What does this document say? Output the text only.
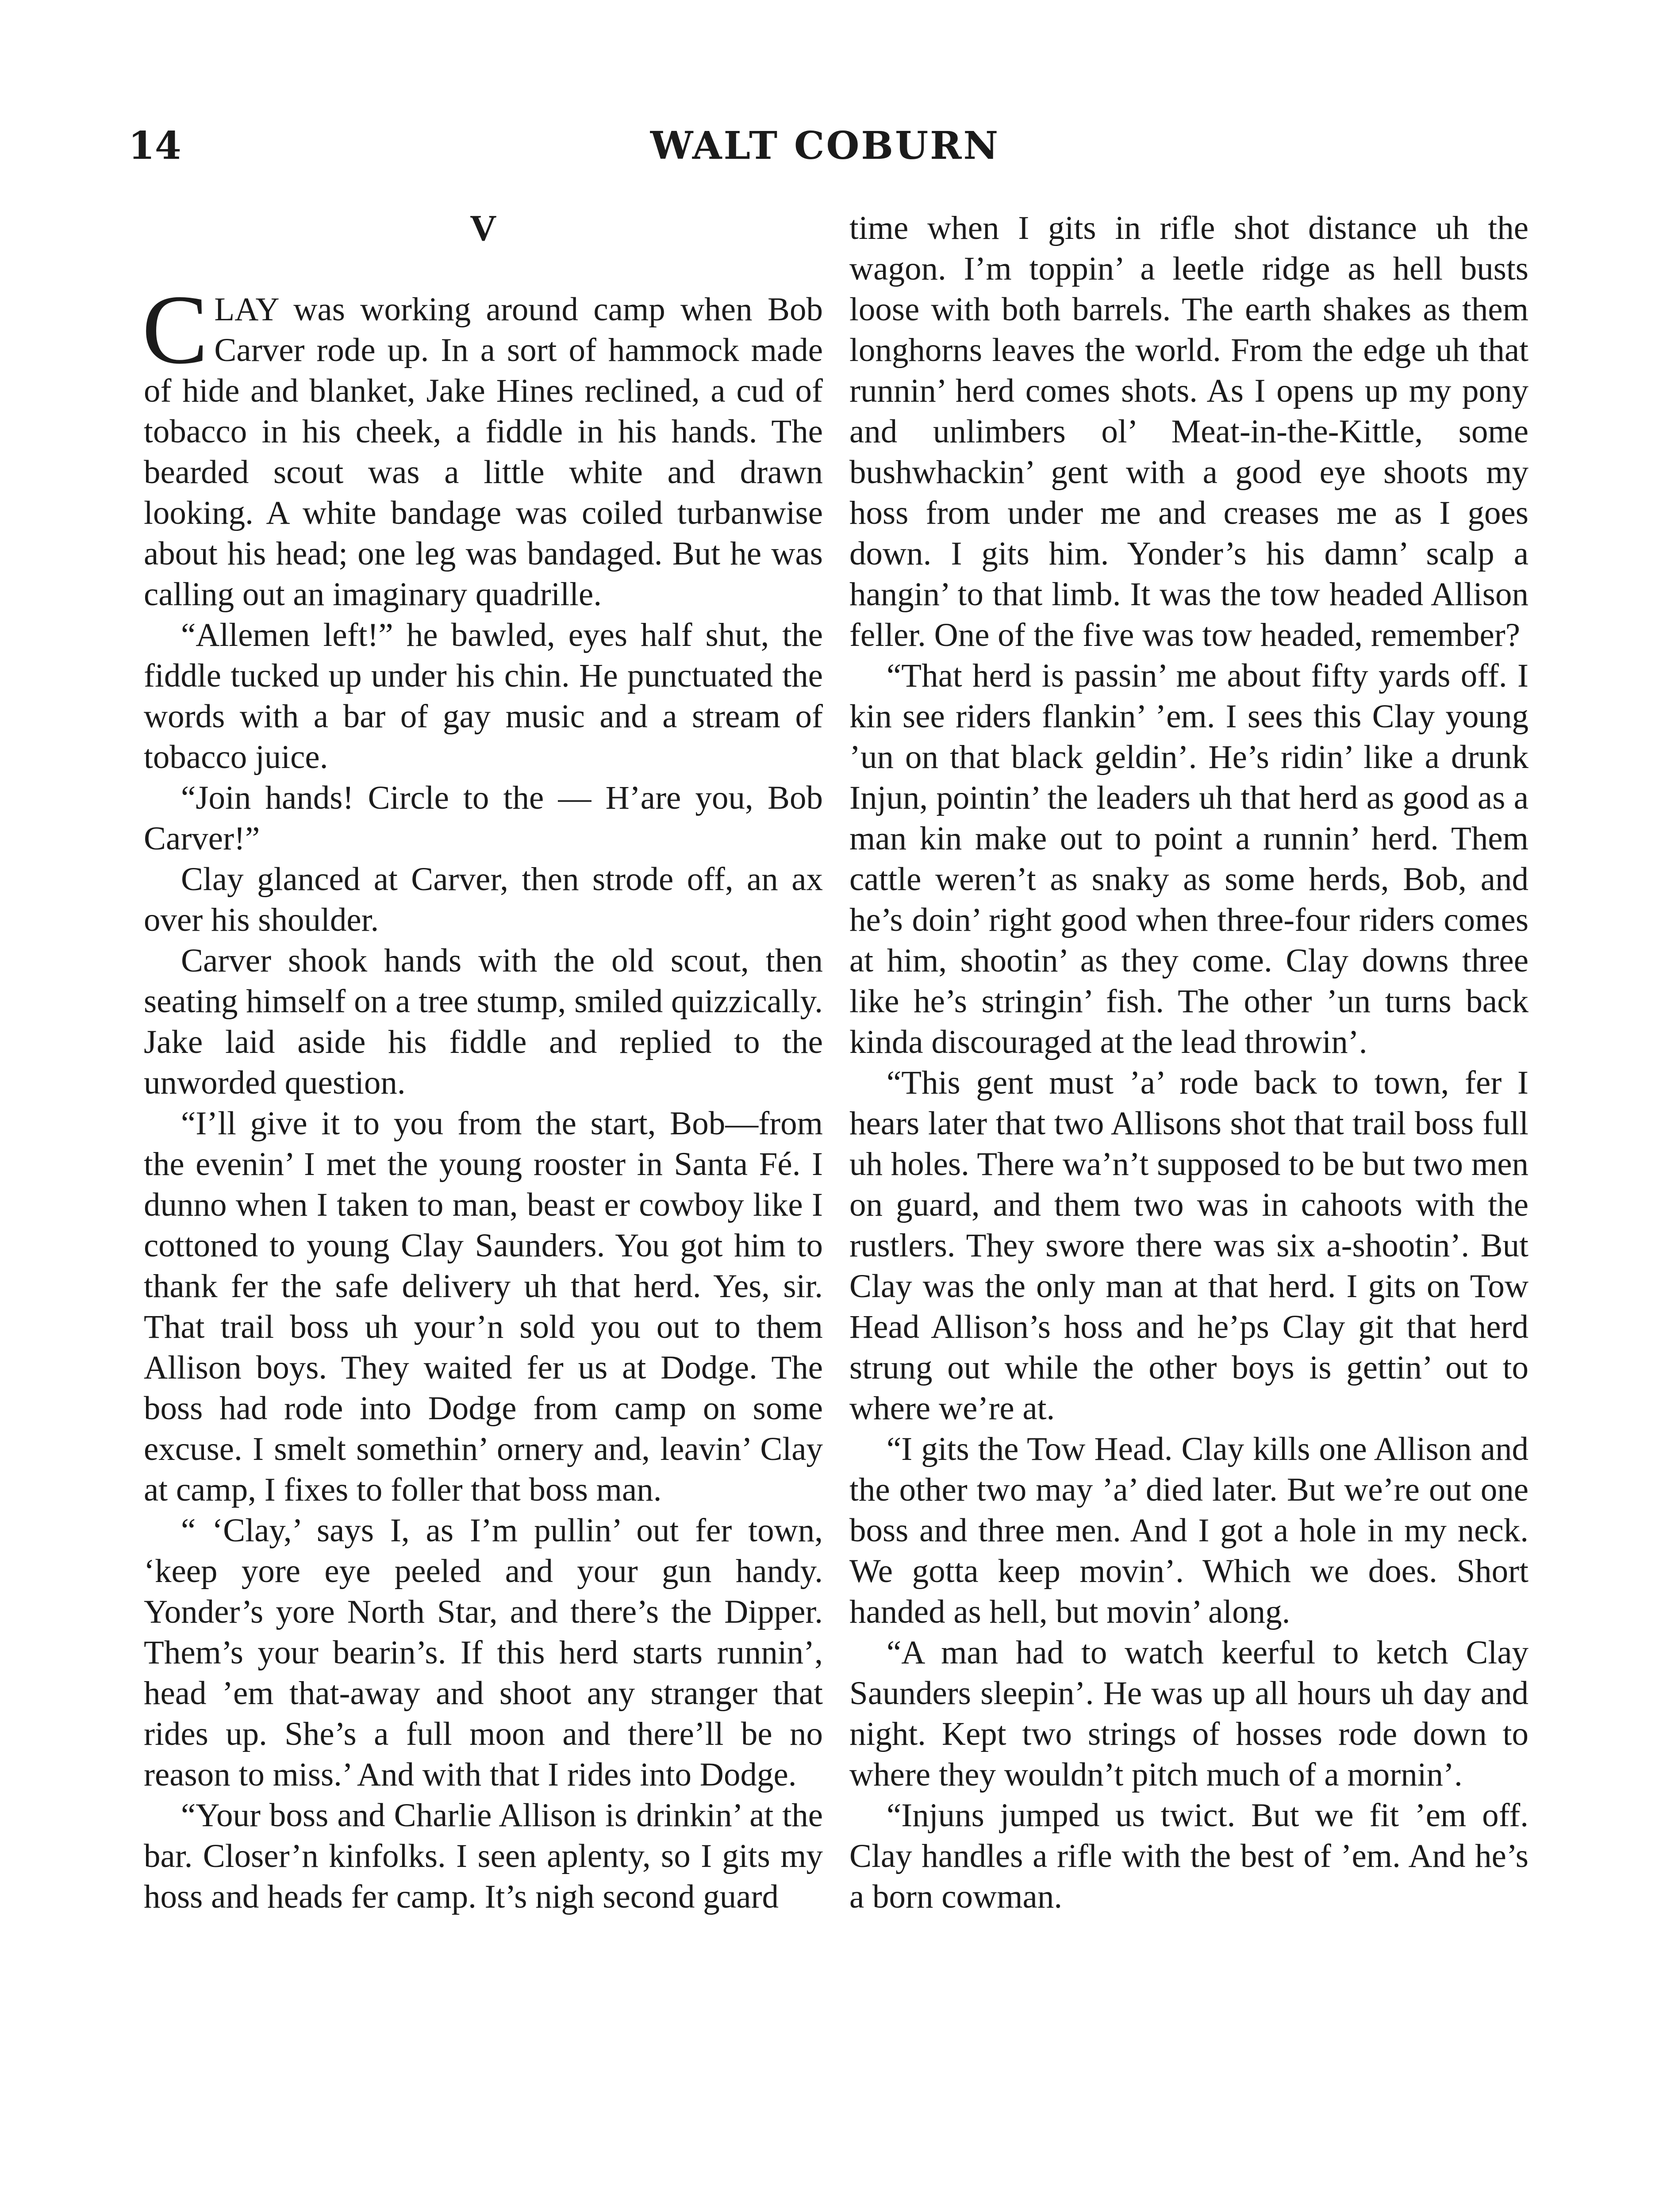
14	WALT COBURN
V

CLAY was working around camp when Bob Carver rode up. In a sort of hammock made of hide and blanket, Jake Hines reclined, a cud of tobacco in his cheek, a fiddle in his hands. The bearded scout was a little white and drawn looking. A white bandage was coiled turbanwise about his head; one leg was bandaged. But he was calling out an imaginary quadrille.

“Allemen left!” he bawled, eyes half shut, the fiddle tucked up under his chin. He punctuated the words with a bar of gay music and a stream of tobacco juice.

“Join hands! Circle to the — H’are you, Bob Carver!”

Clay glanced at Carver, then strode off, an ax over his shoulder.

Carver shook hands with the old scout, then seating himself on a tree stump, smiled quizzically. Jake laid aside his fiddle and replied to the unworded question.

“I’ll give it to you from the start, Bob—from the evenin’ I met the young rooster in Santa Fé. I dunno when I taken to man, beast er cowboy like I cottoned to young Clay Saunders. You got him to thank fer the safe delivery uh that herd. Yes, sir. That trail boss uh your’n sold you out to them Allison boys. They waited fer us at Dodge. The boss had rode into Dodge from camp on some excuse. I smelt somethin’ ornery and, leavin’ Clay at camp, I fixes to foller that boss man.

“ ‘Clay,’ says I, as I’m pullin’ out fer town, ‘keep yore eye peeled and your gun handy. Yonder’s yore North Star, and there’s the Dipper. Them’s your bearin’s. If this herd starts runnin’, head ’em that-away and shoot any stranger that rides up. She’s a full moon and there’ll be no reason to miss.’ And with that I rides into Dodge.

“Your boss and Charlie Allison is drinkin’ at the bar. Closer’n kinfolks. I seen aplenty, so I gits my hoss and heads fer camp. It’s nigh second guard

time when I gits in rifle shot distance uh the wagon. I’m toppin’ a leetle ridge as hell busts loose with both barrels. The earth shakes as them longhorns leaves the world. From the edge uh that runnin’ herd comes shots. As I opens up my pony and unlimbers ol’ Meat-in-the-Kittle, some bushwhackin’ gent with a good eye shoots my hoss from under me and creases me as I goes down. I gits him. Yonder’s his damn’ scalp a hangin’ to that limb. It was the tow headed Allison feller. One of the five was tow headed, remember?

“That herd is passin’ me about fifty yards off. I kin see riders flankin’ ’em. I sees this Clay young ’un on that black geldin’. He’s ridin’ like a drunk Injun, pointin’ the leaders uh that herd as good as a man kin make out to point a runnin’ herd. Them cattle weren’t as snaky as some herds, Bob, and he’s doin’ right good when three-four riders comes at him, shootin’ as they come. Clay downs three like he’s stringin’ fish. The other ’un turns back kinda discouraged at the lead throwin’.

“This gent must ’a’ rode back to town, fer I hears later that two Allisons shot that trail boss full uh holes. There wa’n’t supposed to be but two men on guard, and them two was in cahoots with the rustlers. They swore there was six a-shootin’. But Clay was the only man at that herd. I gits on Tow Head Allison’s hoss and he’ps Clay git that herd strung out while the other boys is gettin’ out to where we’re at.

“I gits the Tow Head. Clay kills one Allison and the other two may ’a’ died later. But we’re out one boss and three men. And I got a hole in my neck. We gotta keep movin’. Which we does. Short handed as hell, but movin’ along.

“A man had to watch keerful to ketch Clay Saunders sleepin’. He was up all hours uh day and night. Kept two strings of hosses rode down to where they wouldn’t pitch much of a mornin’.

“Injuns jumped us twict. But we fit ’em off. Clay handles a rifle with the best of ’em. And he’s a born cowman.
